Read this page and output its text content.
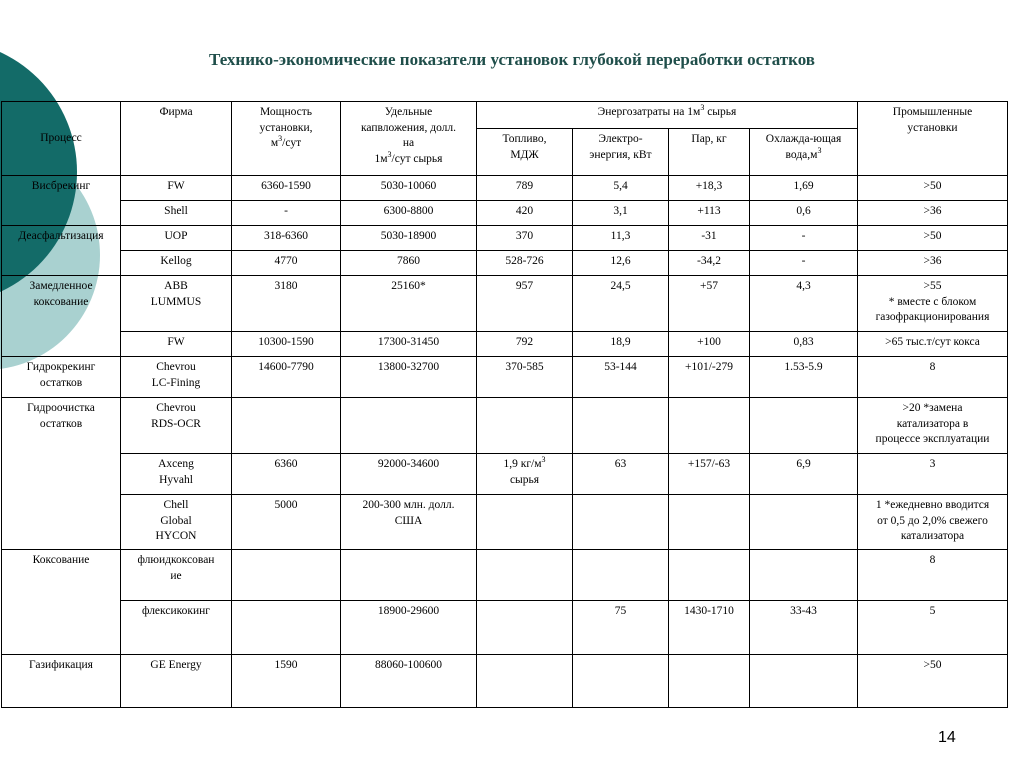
Технико-экономические показатели установок глубокой переработки остатков
Процесс	Фирма	Мощность
установки,
$м^3$/сут	Удельные
капвложения, долл.
на
$1м^3$/сут сырья	Энергозатраты на $1м^3$ сырья				Промышленные
установки
				Топливо,
МДЖ	Электро-
энергия, кВт	Пар, кг	Охлажда-ющая
$вода,м^3$
Висбрекинг	FW	6360-1590	5030-10060	789	5,4	+18,3	1,69	>50
	Shell	-	6300-8800	420	3,1	+113	0,6	>36
Деасфальтизация	UOP	318-6360	5030-18900	370	11,3	-31	-	>50
	Kellog	4770	7860	528-726	12,6	-34,2	-	>36
Замедленное
коксование	ABB
LUMMUS	3180	25160*	957	24,5	+57	4,3	>55
* вместе с блоком
газофракционирования
	FW	10300-1590	17300-31450	792	18,9	+100	0,83	>65 тыс.т/сут кокса
Гидрокрекинг
остатков	Chevrou
LC-Fining	14600-7790	13800-32700	370-585	53-144	+101/-279	1.53-5.9	8
Гидроочистка
остатков	Chevrou
RDS-OCR							>20 *замена
катализатора в
процессе эксплуатации
	Axceng
Hyvahl	6360	92000-34600	1,9 $кг/м^3$
сырья	63	+157/-63	6,9	3
	Chell
Global
HYCON	5000	200-300 млн. долл.
США					1 *ежедневно вводится
от 0,5 до 2,0% свежего
катализатора
Коксование	флюидкоксован
ие							8
	флексикокинг		18900-29600		75	1430-1710	33-43	5
Газификация	GE Energy	1590	88060-100600					>50
14
